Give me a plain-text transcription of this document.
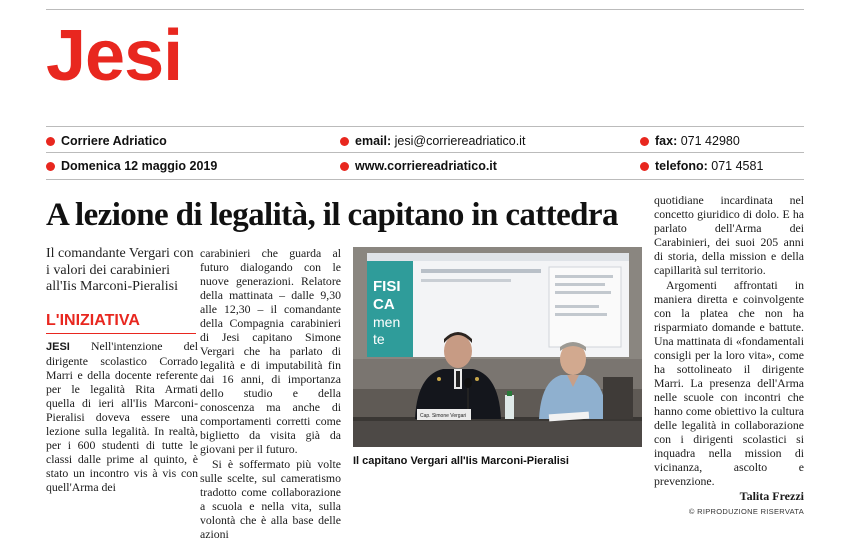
Jesi
Corriere Adriatico	email: jesi@corriereadriatico.it	fax: 071 42980
Domenica 12 maggio 2019	www.corriereadriatico.it	telefono: 071 4581
A lezione di legalità, il capitano in cattedra
Il comandante Vergari con i valori dei carabinieri all'Iis Marconi-Pieralisi
L'INIZIATIVA

JESI Nell'intenzione del dirigente scolastico Corrado Marri e della docente referente per le legalità Rita Armati quella di ieri all'Iis Marconi-Pieralisi doveva essere una lezione sulla legalità. In realtà, per i 600 studenti di tutte le classi dalle prime al quinto, è stato un incontro vis à vis con quell'Arma dei

carabinieri che guarda al futuro dialogando con le nuove generazioni. Relatore della mattinata – dalle 9,30 alle 12,30 – il comandante della Compagnia carabinieri di Jesi capitano Simone Vergari che ha parlato di legalità e di imputabilità fin dai 16 anni, di importanza dello studio e della conoscenza ma anche di comportamenti corretti come biglietto da visita già da giovani per il futuro.

Si è soffermato più volte sulle scelte, sul cameratismo tradotto come collaborazione a scuola e nella vita, sulla volontà che è alla base delle azioni

FISI
CA
men
te
Cap. Simone Vergari
Il capitano Vergari all'Iis Marconi-Pieralisi

quotidiane incardinata nel concetto giuridico di dolo. E ha parlato dell'Arma dei Carabinieri, dei suoi 205 anni di storia, della mission e della capillarità sul territorio.

Argomenti affrontati in maniera diretta e coinvolgente con la platea che non ha risparmiato domande e battute. Una mattinata di «fondamentali consigli per la loro vita», come ha sottolineato il dirigente Marri. La presenza dell'Arma nelle scuole con incontri che hanno come obiettivo la cultura delle legalità in collaborazione con i dirigenti scolastici si inquadra nella mission di vicinanza, ascolto e prevenzione.

Talita Frezzi

© RIPRODUZIONE RISERVATA
